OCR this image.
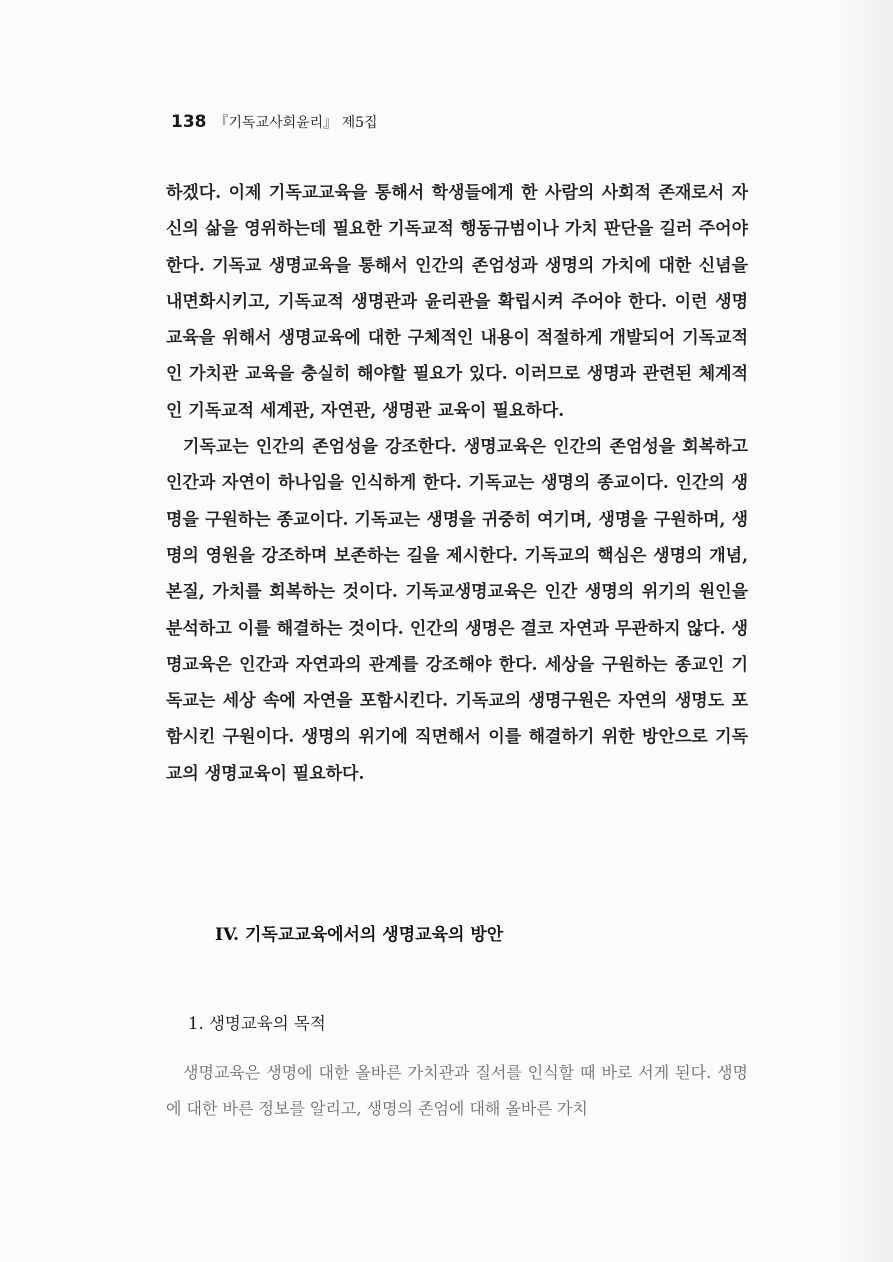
138 『기독교사회윤리』 제5집

하겠다. 이제 기독교교육을 통해서 학생들에게 한 사람의 사회적 존재로서 자신의 삶을 영위하는데 필요한 기독교적 행동규범이나 가치 판단을 길러 주어야 한다. 기독교 생명교육을 통해서 인간의 존엄성과 생명의 가치에 대한 신념을 내면화시키고, 기독교적 생명관과 윤리관을 확립시켜 주어야 한다. 이런 생명교육을 위해서 생명교육에 대한 구체적인 내용이 적절하게 개발되어 기독교적인 가치관 교육을 충실히 해야할 필요가 있다. 이러므로 생명과 관련된 체계적인 기독교적 세계관, 자연관, 생명관 교육이 필요하다.

기독교는 인간의 존엄성을 강조한다. 생명교육은 인간의 존엄성을 회복하고 인간과 자연이 하나임을 인식하게 한다. 기독교는 생명의 종교이다. 인간의 생명을 구원하는 종교이다. 기독교는 생명을 귀중히 여기며, 생명을 구원하며, 생명의 영원을 강조하며 보존하는 길을 제시한다. 기독교의 핵심은 생명의 개념, 본질, 가치를 회복하는 것이다. 기독교생명교육은 인간 생명의 위기의 원인을 분석하고 이를 해결하는 것이다. 인간의 생명은 결코 자연과 무관하지 않다. 생명교육은 인간과 자연과의 관계를 강조해야 한다. 세상을 구원하는 종교인 기독교는 세상 속에 자연을 포함시킨다. 기독교의 생명구원은 자연의 생명도 포함시킨 구원이다. 생명의 위기에 직면해서 이를 해결하기 위한 방안으로 기독교의 생명교육이 필요하다.

IV. 기독교교육에서의 생명교육의 방안
1. 생명교육의 목적

생명교육은 생명에 대한 올바른 가치관과 질서를 인식할 때 바로 서게 된다. 생명에 대한 바른 정보를 알리고, 생명의 존엄에 대해 올바른 가치
